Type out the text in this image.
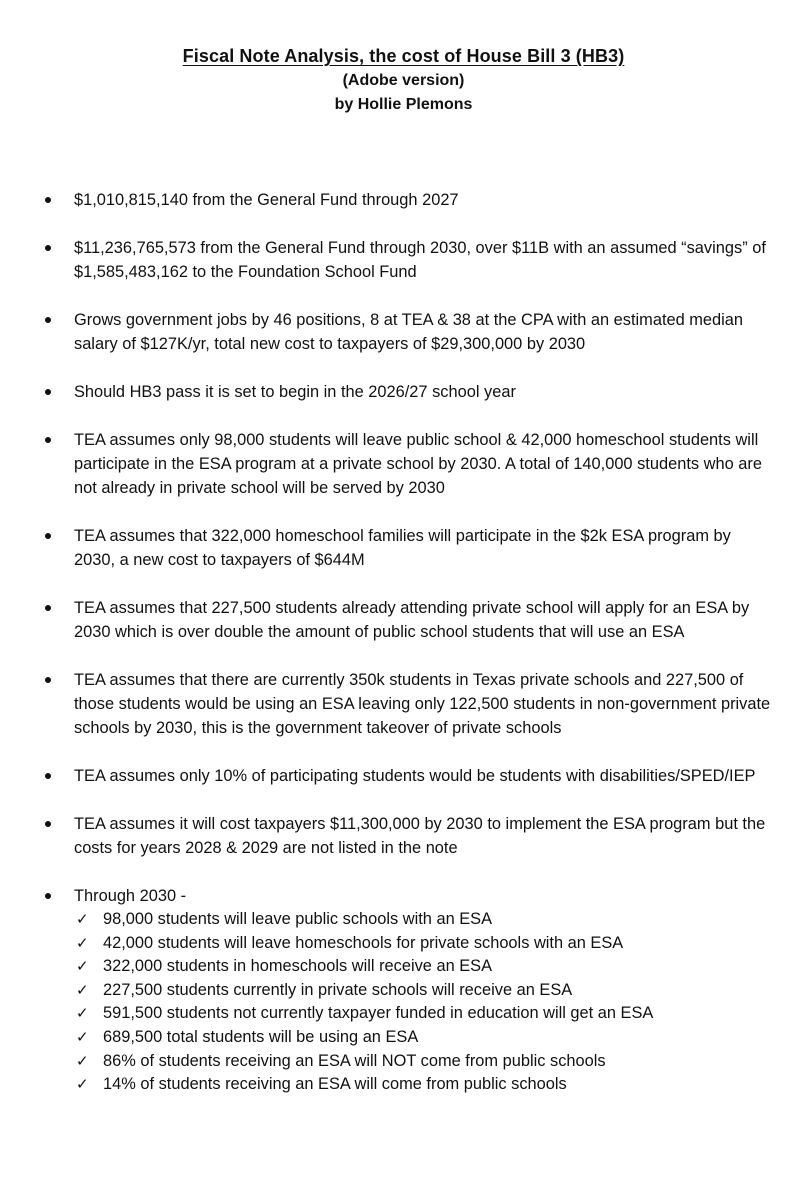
Fiscal Note Analysis, the cost of House Bill 3 (HB3)
(Adobe version)
by Hollie Plemons
$1,010,815,140 from the General Fund through 2027
$11,236,765,573 from the General Fund through 2030, over $11B with an assumed “savings” of $1,585,483,162 to the Foundation School Fund
Grows government jobs by 46 positions, 8 at TEA & 38 at the CPA with an estimated median salary of $127K/yr, total new cost to taxpayers of $29,300,000 by 2030
Should HB3 pass it is set to begin in the 2026/27 school year
TEA assumes only 98,000 students will leave public school & 42,000 homeschool students will participate in the ESA program at a private school by 2030. A total of 140,000 students who are not already in private school will be served by 2030
TEA assumes that 322,000 homeschool families will participate in the $2k ESA program by 2030, a new cost to taxpayers of $644M
TEA assumes that 227,500 students already attending private school will apply for an ESA by 2030 which is over double the amount of public school students that will use an ESA
TEA assumes that there are currently 350k students in Texas private schools and 227,500 of those students would be using an ESA leaving only 122,500 students in non-government private schools by 2030, this is the government takeover of private schools
TEA assumes only 10% of participating students would be students with disabilities/SPED/IEP
TEA assumes it will cost taxpayers $11,300,000 by 2030 to implement the ESA program but the costs for years 2028 & 2029 are not listed in the note
Through 2030 -
✓ 98,000 students will leave public schools with an ESA
✓ 42,000 students will leave homeschools for private schools with an ESA
✓ 322,000 students in homeschools will receive an ESA
✓ 227,500 students currently in private schools will receive an ESA
✓ 591,500 students not currently taxpayer funded in education will get an ESA
✓ 689,500 total students will be using an ESA
✓ 86% of students receiving an ESA will NOT come from public schools
✓ 14% of students receiving an ESA will come from public schools
